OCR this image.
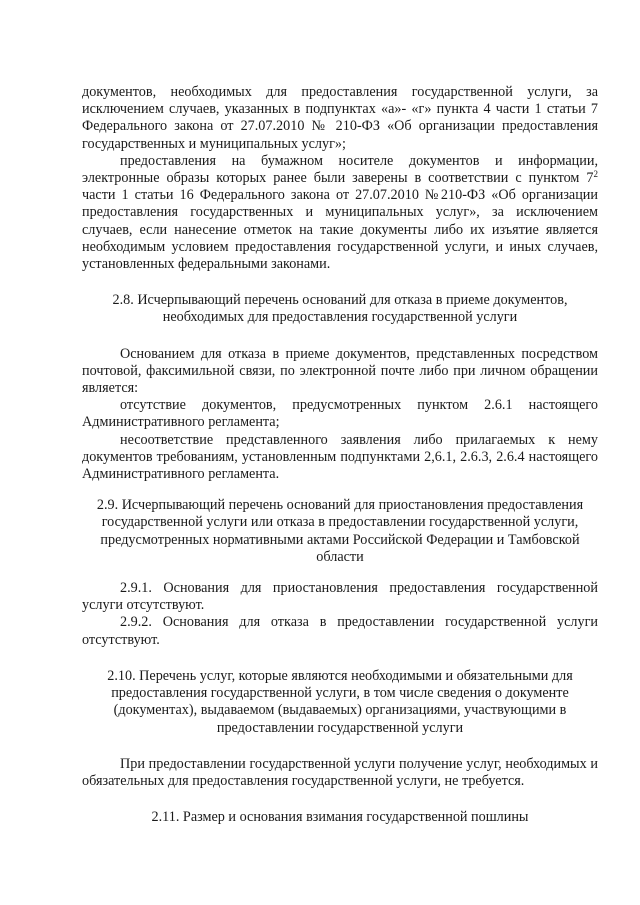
документов, необходимых для предоставления государственной услуги, за исключением случаев, указанных в подпунктах «а»- «г» пункта 4 части 1 статьи 7 Федерального закона от 27.07.2010 № 210-ФЗ «Об организации предоставления государственных и муниципальных услуг»;

предоставления на бумажном носителе документов и информации, электронные образы которых ранее были заверены в соответствии с пунктом $7^2$ части 1 статьи 16 Федерального закона от 27.07.2010 №210-ФЗ «Об организации предоставления государственных и муниципальных услуг», за исключением случаев, если нанесение отметок на такие документы либо их изъятие является необходимым условием предоставления государственной услуги, и иных случаев, установленных федеральными законами.

2.8. Исчерпывающий перечень оснований для отказа в приеме документов, необходимых для предоставления государственной услуги

Основанием для отказа в приеме документов, представленных посредством почтовой, факсимильной связи, по электронной почте либо при личном обращении является:

отсутствие документов, предусмотренных пунктом 2.6.1 настоящего Административного регламента;

несоответствие представленного заявления либо прилагаемых к нему документов требованиям, установленным подпунктами 2,6.1, 2.6.3, 2.6.4 настоящего Административного регламента.

2.9. Исчерпывающий перечень оснований для приостановления предоставления государственной услуги или отказа в предоставлении государственной услуги, предусмотренных нормативными актами Российской Федерации и Тамбовской области

2.9.1. Основания для приостановления предоставления государственной услуги отсутствуют.

2.9.2. Основания для отказа в предоставлении государственной услуги отсутствуют.

2.10. Перечень услуг, которые являются необходимыми и обязательными для предоставления государственной услуги, в том числе сведения о документе (документах), выдаваемом (выдаваемых) организациями, участвующими в предоставлении государственной услуги

При предоставлении государственной услуги получение услуг, необходимых и обязательных для предоставления государственной услуги, не требуется.

2.11. Размер и основания взимания государственной пошлины
